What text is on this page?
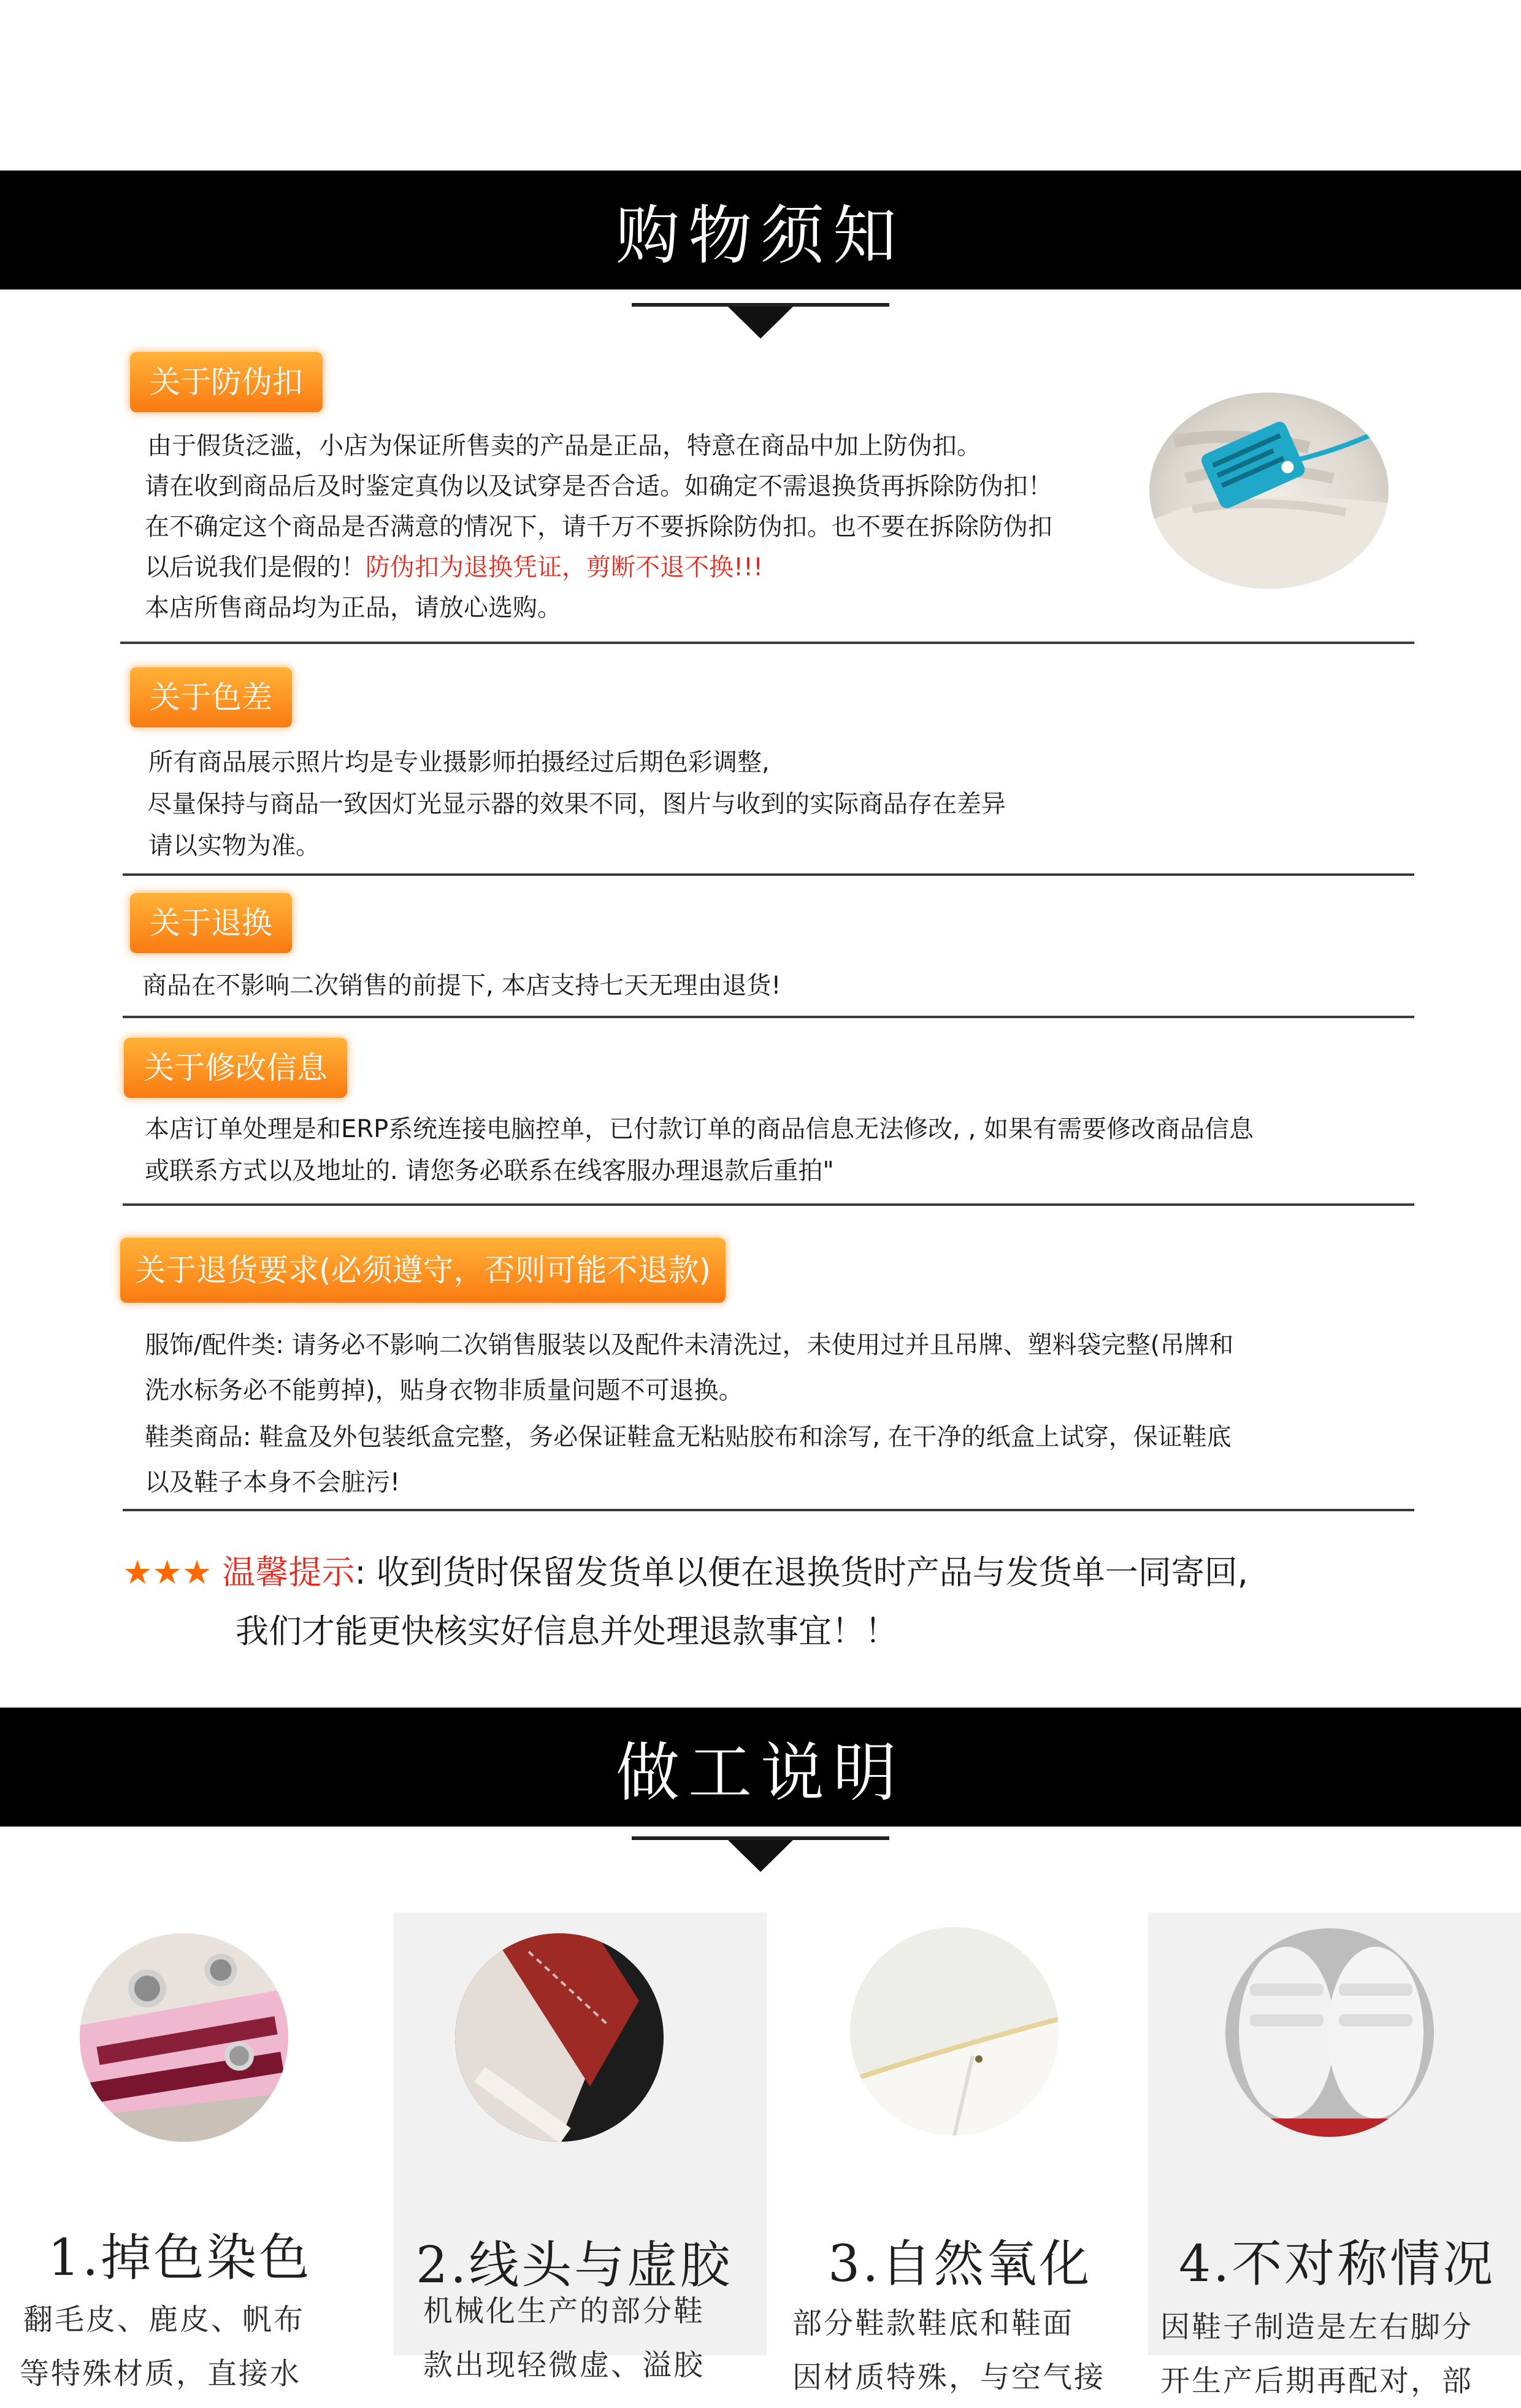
购物须知
关于防伪扣
由于假货泛滥，小店为保证所售卖的产品是正品，特意在商品中加上防伪扣。
请在收到商品后及时鉴定真伪以及试穿是否合适。如确定不需退换货再拆除防伪扣！
在不确定这个商品是否满意的情况下，请千万不要拆除防伪扣。也不要在拆除防伪扣
以后说我们是假的！防伪扣为退换凭证，剪断不退不换!!!
本店所售商品均为正品，请放心选购。
关于色差
所有商品展示照片均是专业摄影师拍摄经过后期色彩调整,
尽量保持与商品一致因灯光显示器的效果不同，图片与收到的实际商品存在差异
请以实物为准。
关于退换
商品在不影响二次销售的前提下, 本店支持七天无理由退货!
关于修改信息
本店订单处理是和ERP系统连接电脑控单，已付款订单的商品信息无法修改, , 如果有需要修改商品信息
或联系方式以及地址的. 请您务必联系在线客服办理退款后重拍"
关于退货要求(必须遵守，否则可能不退款)
服饰/配件类: 请务必不影响二次销售服装以及配件未清洗过，未使用过并且吊牌、塑料袋完整(吊牌和
洗水标务必不能剪掉)，贴身衣物非质量问题不可退换。
鞋类商品: 鞋盒及外包装纸盒完整，务必保证鞋盒无粘贴胶布和涂写, 在干净的纸盒上试穿，保证鞋底
以及鞋子本身不会脏污!
★★★ 温馨提示: 收到货时保留发货单以便在退换货时产品与发货单一同寄回,
我们才能更快核实好信息并处理退款事宜！！
做工说明
1.掉色染色
翻毛皮、鹿皮、帆布
等特殊材质，直接水
2.线头与虚胶
机械化生产的部分鞋
款出现轻微虚、溢胶
3.自然氧化
部分鞋款鞋底和鞋面
因材质特殊，与空气接
4.不对称情况
因鞋子制造是左右脚分
开生产后期再配对，部
